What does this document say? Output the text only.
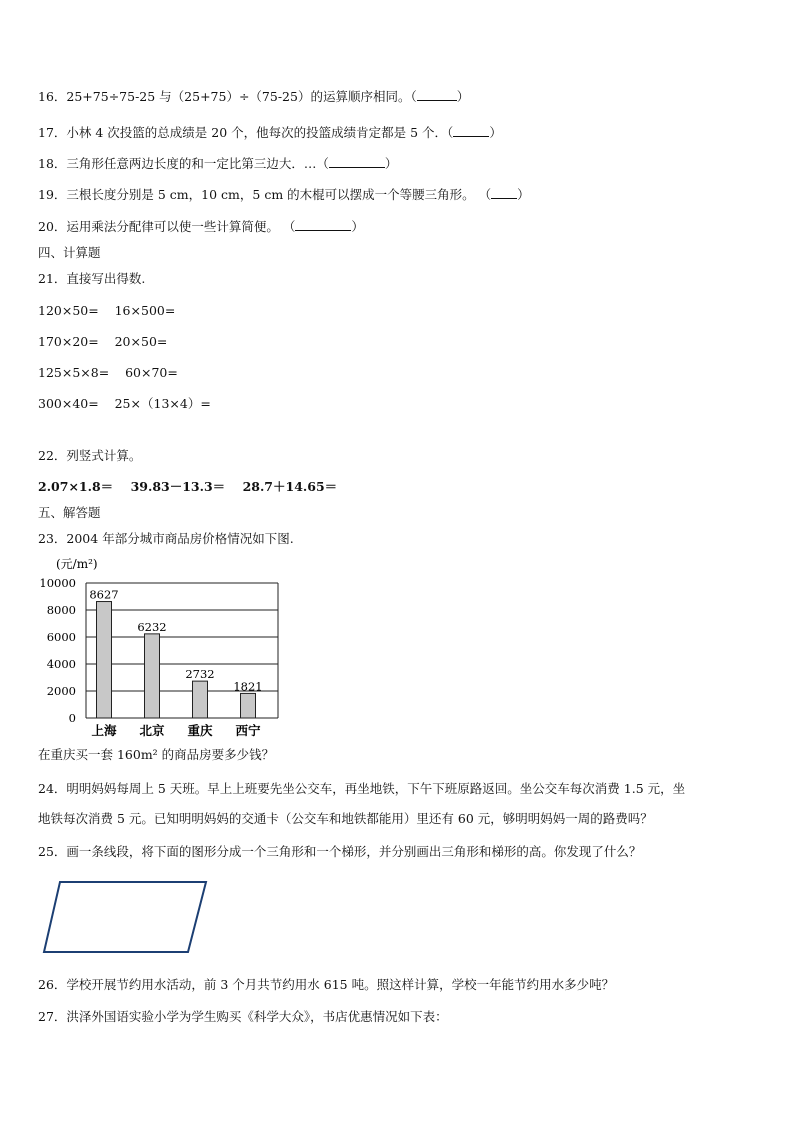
16．25+75÷75-25 与（25+75）÷（75-25）的运算顺序相同。（	）
17．小林 4 次投篮的总成绩是 20 个，他每次的投篮成绩肯定都是 5 个．（	）
18．三角形任意两边长度的和一定比第三边大．…（	）
19．三根长度分别是 5 cm，10 cm，5 cm 的木棍可以摆成一个等腰三角形。 （ ）
20．运用乘法分配律可以使一些计算简便。 （	）
四、计算题
21．直接写出得数.
120×50=    16×500=
170×20=    20×50=
125×5×8=    60×70=
300×40=    25×（13×4）=
22．列竖式计算。
2.07×1.8＝    39.83－13.3＝    28.7＋14.65＝
五、解答题
23．2004 年部分城市商品房价格情况如下图.
(元/m²)
8627
6232
2732
1821
0
2000
4000
6000
8000
10000
上海 北京 重庆 西宁
在重庆买一套 160m² 的商品房要多少钱？
24．明明妈妈每周上 5 天班。早上上班要先坐公交车，再坐地铁，下午下班原路返回。坐公交车每次消费 1.5 元，坐
地铁每次消费 5 元。已知明明妈妈的交通卡（公交车和地铁都能用）里还有 60 元，够明明妈妈一周的路费吗？
25．画一条线段，将下面的图形分成一个三角形和一个梯形，并分别画出三角形和梯形的高。你发现了什么？
26．学校开展节约用水活动，前 3 个月共节约用水 615 吨。照这样计算，学校一年能节约用水多少吨？
27．洪泽外国语实验小学为学生购买《科学大众》，书店优惠情况如下表：
